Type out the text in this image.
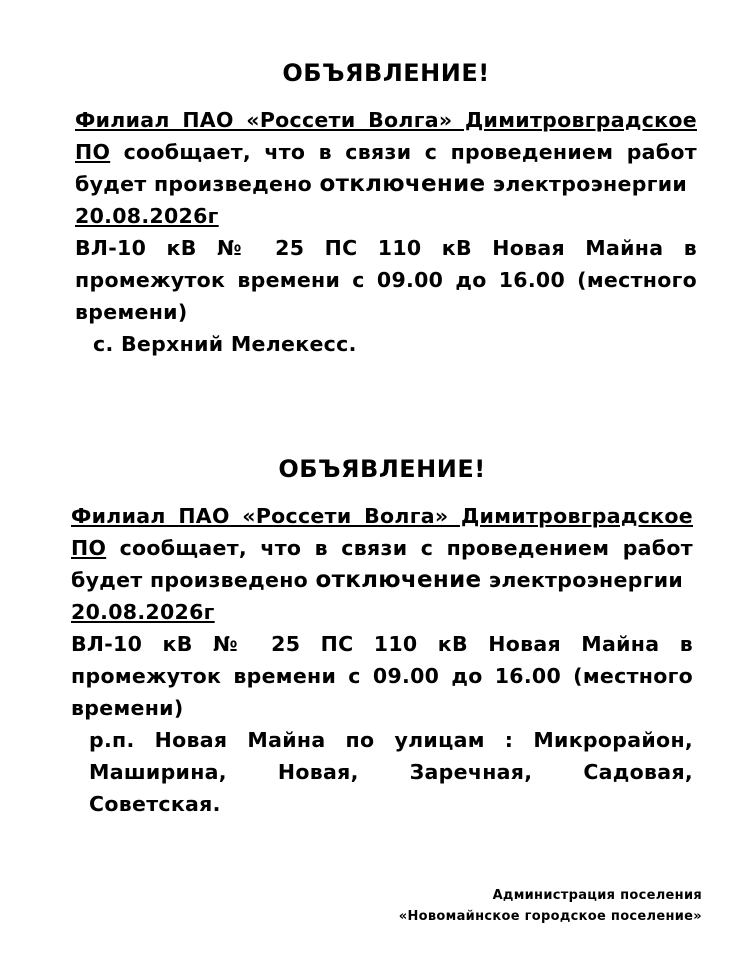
ОБЪЯВЛЕНИЕ!

Филиал ПАО «Россети Волга» Димитровградское ПО сообщает, что в связи с проведением работ будет произведено отключение электроэнергии

20.08.2026г

ВЛ-10 кВ № 25 ПС 110 кВ Новая Майна в промежуток времени с 09.00 до 16.00 (местного времени)

с. Верхний Мелекесс.

ОБЪЯВЛЕНИЕ!

Филиал ПАО «Россети Волга» Димитровградское ПО сообщает, что в связи с проведением работ будет произведено отключение электроэнергии

20.08.2026г

ВЛ-10 кВ № 25 ПС 110 кВ Новая Майна в промежуток времени с 09.00 до 16.00 (местного времени)

р.п. Новая Майна по улицам : Микрорайон, Маширина, Новая, Заречная, Садовая, Советская.

Администрация поселения
«Новомайнское городское поселение»
